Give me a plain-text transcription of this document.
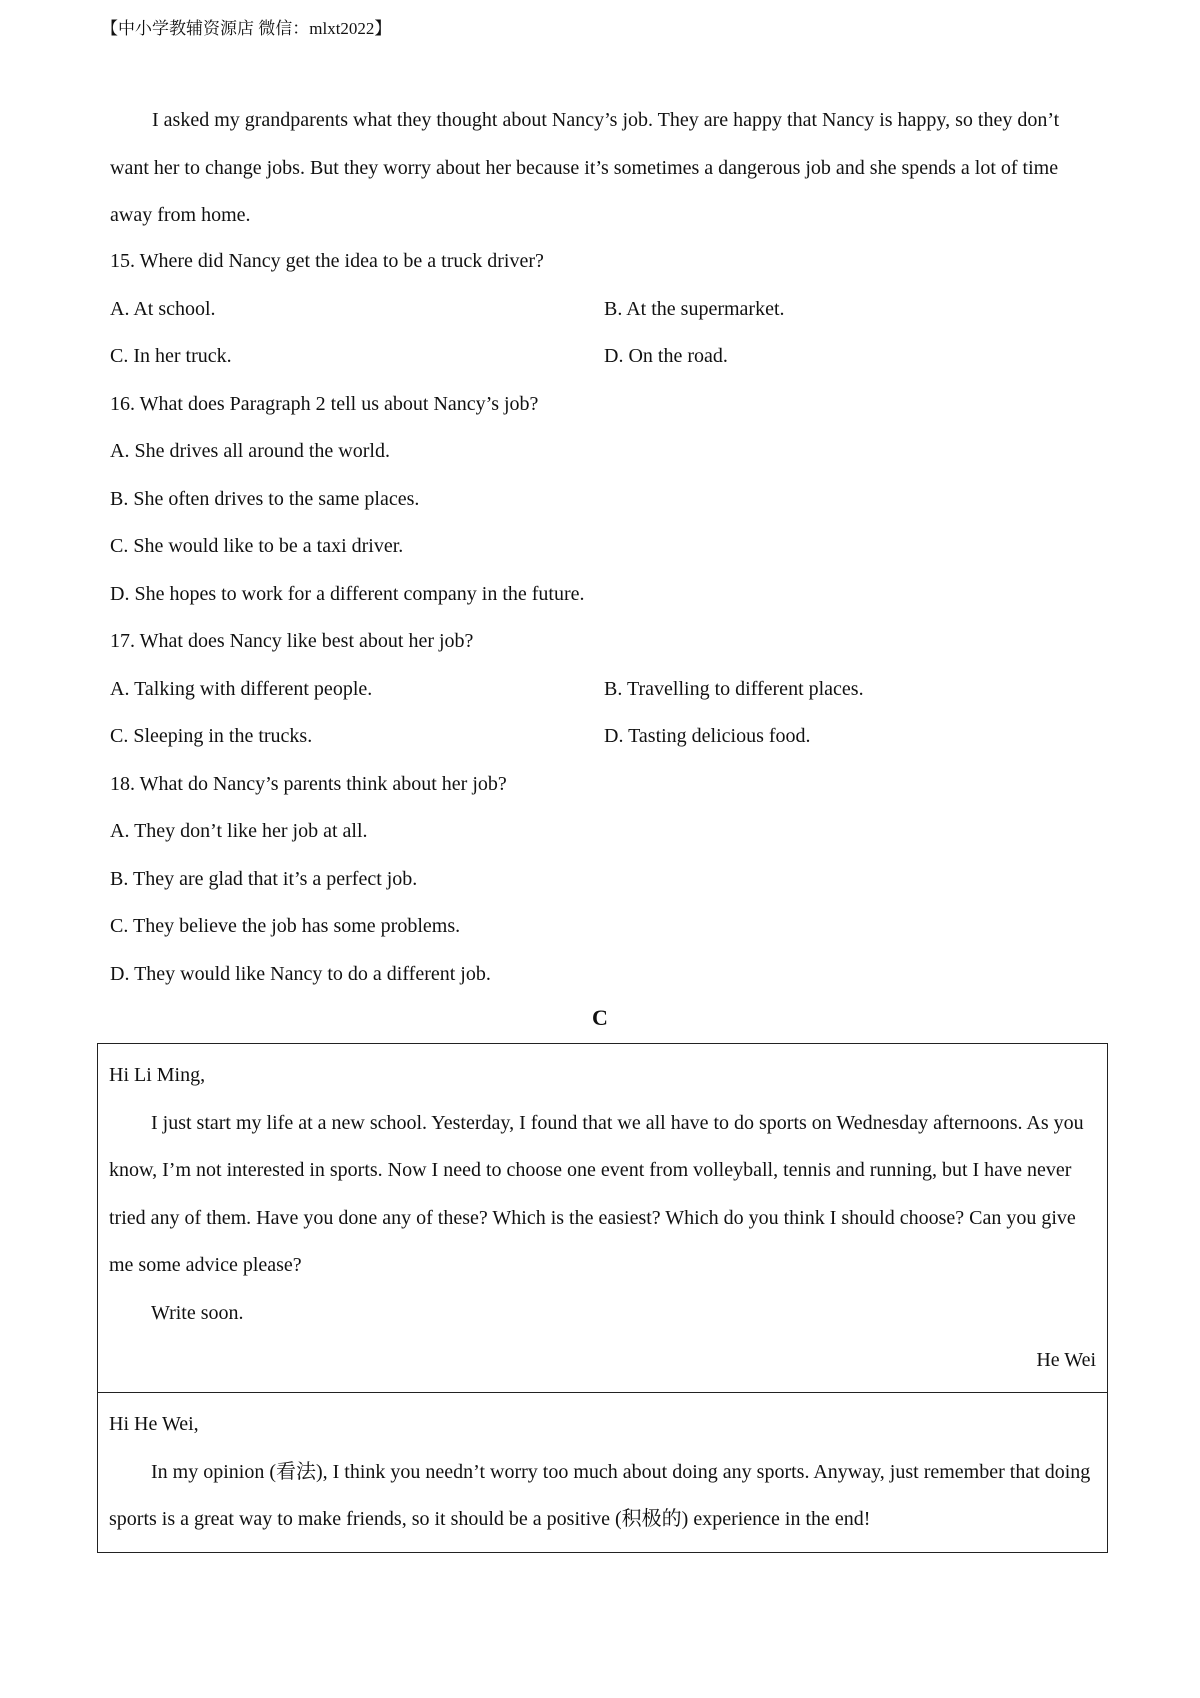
【中小学教辅资源店 微信：mlxt2022】

I asked my grandparents what they thought about Nancy’s job. They are happy that Nancy is happy, so they don’t want her to change jobs. But they worry about her because it’s sometimes a dangerous job and she spends a lot of time away from home.

15. Where did Nancy get the idea to be a truck driver?
A. At school.	B. At the supermarket.
C. In her truck.	D. On the road.
16. What does Paragraph 2 tell us about Nancy’s job?
A. She drives all around the world.
B. She often drives to the same places.
C. She would like to be a taxi driver.
D. She hopes to work for a different company in the future.
17. What does Nancy like best about her job?
A. Talking with different people.	B. Travelling to different places.
C. Sleeping in the trucks.	D. Tasting delicious food.
18. What do Nancy’s parents think about her job?
A. They don’t like her job at all.
B. They are glad that it’s a perfect job.
C. They believe the job has some problems.
D. They would like Nancy to do a different job.
C

Hi Li Ming,

I just start my life at a new school. Yesterday, I found that we all have to do sports on Wednesday afternoons. As you know, I’m not interested in sports. Now I need to choose one event from volleyball, tennis and running, but I have never tried any of them. Have you done any of these? Which is the easiest? Which do you think I should choose? Can you give me some advice please?

Write soon.

He Wei

Hi He Wei,

In my opinion (看法), I think you needn’t worry too much about doing any sports. Anyway, just remember that doing sports is a great way to make friends, so it should be a positive (积极的) experience in the end!
